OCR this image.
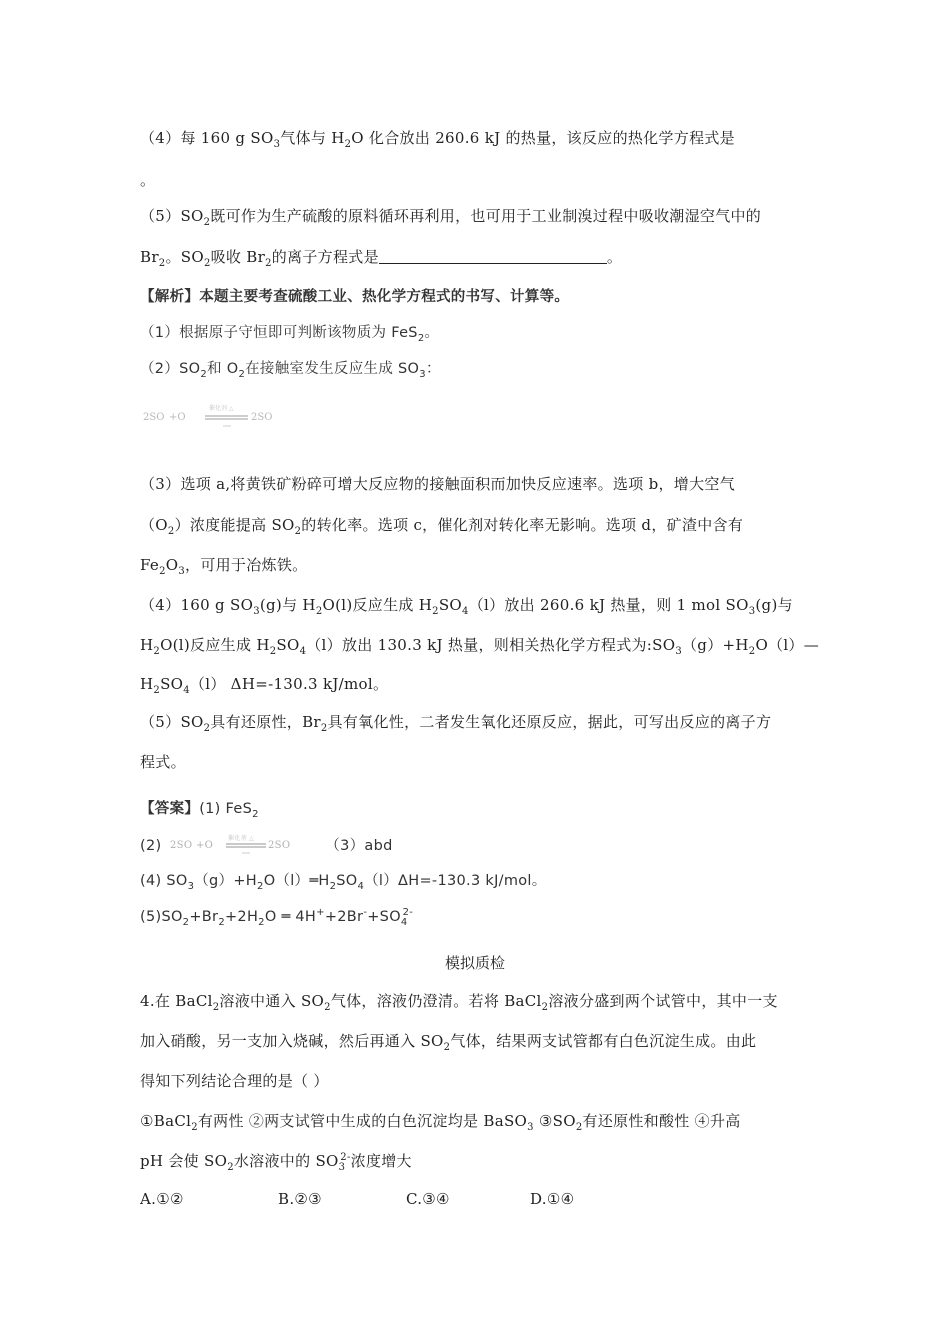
（4）每 160 g $SO_3$气体与 $H_2O$ 化合放出 260.6 kJ 的热量，该反应的热化学方程式是
。
$(5)SO_2$既可作为生产硫酸的原料循环再利用，也可用于工业制溴过程中吸收潮湿空气中的
$Br_2$。$SO_2$吸收 $Br_2$的离子方程式是	。
【解析】本题主要考查硫酸工业、热化学方程式的书写、计算等。
（1）根据原子守恒即可判断该物质为 FeS$_2$。
$(2)SO_2$和 $O_2$在接触室发生反应生成 $SO_3$：
2SO +O
催化剂 △
2SO
（3）选项 a,将黄铁矿粉碎可增大反应物的接触面积而加快反应速率。选项 b，增大空气
$(O_2)$浓度能提高 $SO_2$的转化率。选项 c，催化剂对转化率无影响。选项 d，矿渣中含有
$Fe_2O_3$，可用于冶炼铁。
（4）160 g $SO_3(g)$与 $H_2O(l)$反应生成 $H_2SO_4(l)$放出 260.6 kJ 热量，则 1 mol $SO_3(g)$与
$H_2O(l)$反应生成 $H_2SO_4(l)$放出 130.3 kJ 热量，则相关热化学方程式为$:SO_3(g)+H_2O(l)—$
$H_2SO_4(l)$ ΔH=-130.3 kJ/mol。
$(5)SO_2$具有还原性，$Br_2$具有氧化性，二者发生氧化还原反应，据此，可写出反应的离子方
程式。
【答案】(1) FeS$_2$
(2) 2SO +O
催化剂 △
2SO （3）abd
(4) $SO_3(g)+H_2O(l)═H_2SO_4(l)\Delta H=-130.3$ kJ/mol。
$(5)SO_2+Br_2+2H_2O$ ═ $4H^++2Br^-+SO_4^{2-}$
模拟质检
4.在 BaCl$_2$溶液中通入 $SO_2$气体，溶液仍澄清。若将 BaCl$_2$溶液分盛到两个试管中，其中一支
加入硝酸，另一支加入烧碱，然后再通入 $SO_2$气体，结果两支试管都有白色沉淀生成。由此
得知下列结论合理的是（ ）
①BaCl$_2$有两性 ②两支试管中生成的白色沉淀均是 BaSO$_3$ $③SO_2$有还原性和酸性 ④升高
pH 会使 $SO_2$水溶液中的 $SO_3^{2-}$浓度增大
A.①②	B.②③	C.③④	D.①④
